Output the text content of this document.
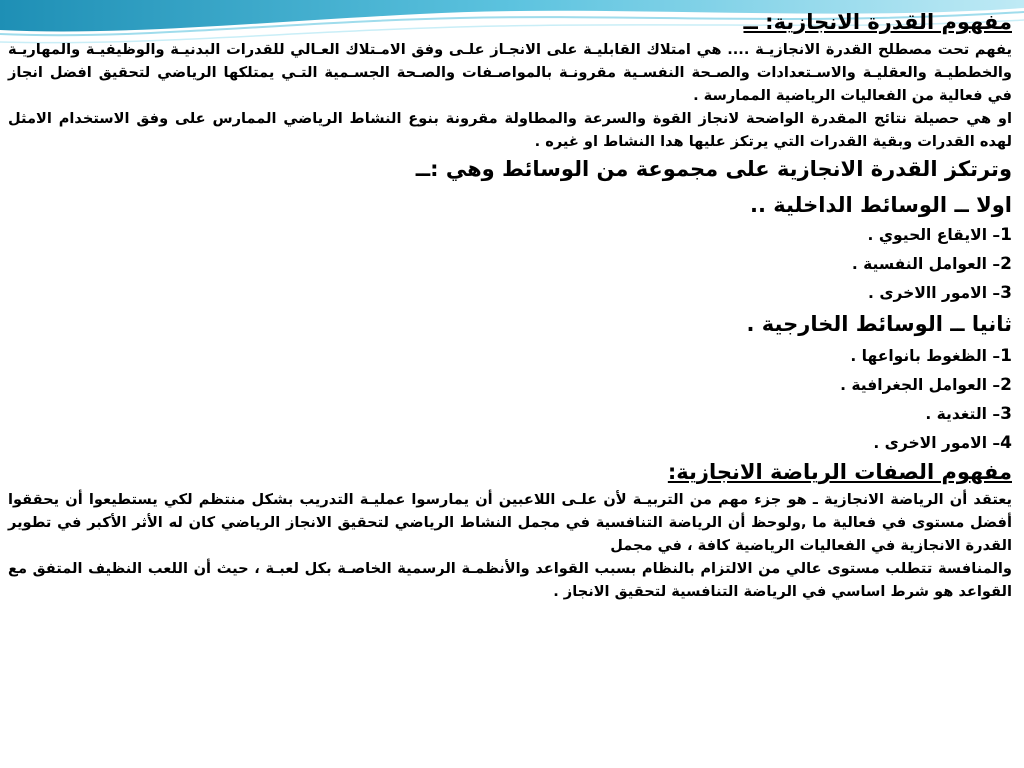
مفهوم القدرة الانجازية: ــ
يفهم تحت مصطلح القدرة الانجازيـة .... هي امتلاك القابليـة على الانجـاز علـى وفق الامـتلاك العـالي للقدرات البدنيـة والوظيفيـة والمهاريـة والخططيـة والعقليـة والاسـتعدادات والصـحة النفسـية مقرونـة بالمواصـفات والصـحة الجسـمية التـي يمتلكها الرياضي لتحقيق افضل انجاز في فعالية من الفعاليات الرياضية الممارسة .
او هي حصيلة نتائج المقدرة الواضحة لانجاز القوة والسرعة والمطاولة مقرونة بنوع النشاط الرياضي الممارس على وفق الاستخدام الامثل لهده القدرات وبقية القدرات التي يرتكز عليها هدا النشاط او غيره .
وترتكز القدرة الانجازية على مجموعة من الوسائط وهي :ــ
اولا ــ الوسائط الداخلية ..
1– الايقاع الحيوي .
2– العوامل النفسية .
3– الامور االاخرى .
ثانيا ــ الوسائط الخارجية .
1– الظغوط بانواعها .
2– العوامل الجغرافية .
3– التغدية .
4– الامور الاخرى .
مفهوم الصفات الرياضة الانجازية:
يعتقد أن الرياضة الانجازية ـ هو جزء مهم من التربيـة لأن علـى اللاعبين أن يمارسوا عمليـة التدريب بشكل منتظم لكي يستطيعوا أن يحققوا أفضل مستوى في فعالية ما ,ولوحظ أن الرياضة التنافسية في مجمل النشاط الرياضي لتحقيق الانجاز الرياضي كان له الأثر الأكبر في تطوير القدرة الانجازية في الفعاليات الرياضية كافة ، في مجمل
والمنافسة تتطلب مستوى عالي من الالتزام بالنظام بسبب القواعد والأنظمـة الرسمية الخاصـة بكل لعبـة ، حيث أن اللعب النظيف المتفق مع القواعد هو شرط اساسي في الرياضة التنافسية لتحقيق الانجاز .
